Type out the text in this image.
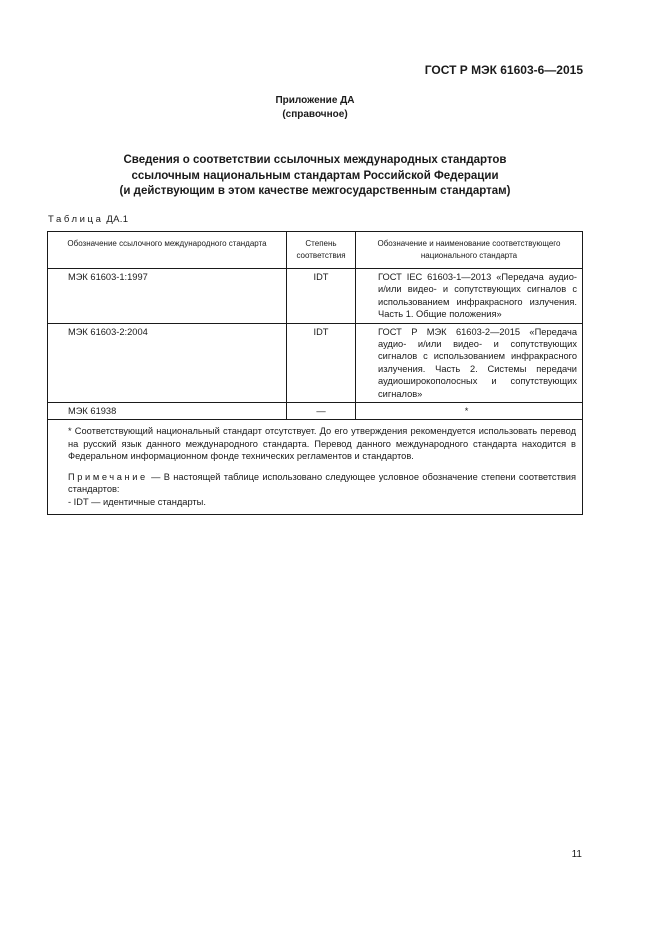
ГОСТ Р МЭК 61603-6—2015
Приложение ДА
(справочное)
Сведения о соответствии ссылочных международных стандартов
ссылочным национальным стандартам Российской Федерации
(и действующим в этом качестве межгосударственным стандартам)
Таблица ДА.1
Обозначение ссылочного международного стандарта	Степень соответствия	Обозначение и наименование соответствующего национального стандарта
МЭК 61603-1:1997	IDT	ГОСТ IEC 61603-1—2013 «Передача аудио- и/или видео- и сопутствующих сигналов с использованием инфракрасного излучения. Часть 1. Общие положения»
МЭК 61603-2:2004	IDT	ГОСТ Р МЭК 61603-2—2015 «Передача аудио- и/или видео- и сопутствующих сигналов с использованием инфракрасного излучения. Часть 2. Системы передачи аудиоширокополосных и сопутствующих сигналов»
МЭК 61938	—	*

* Соответствующий национальный стандарт отсутствует. До его утверждения рекомендуется использовать перевод на русский язык данного международного стандарта. Перевод данного международного стандарта находится в Федеральном информационном фонде технических регламентов и стандартов.

Примечание — В настоящей таблице использовано следующее условное обозначение степени соответствия стандартов:

- IDT — идентичные стандарты.		

11
